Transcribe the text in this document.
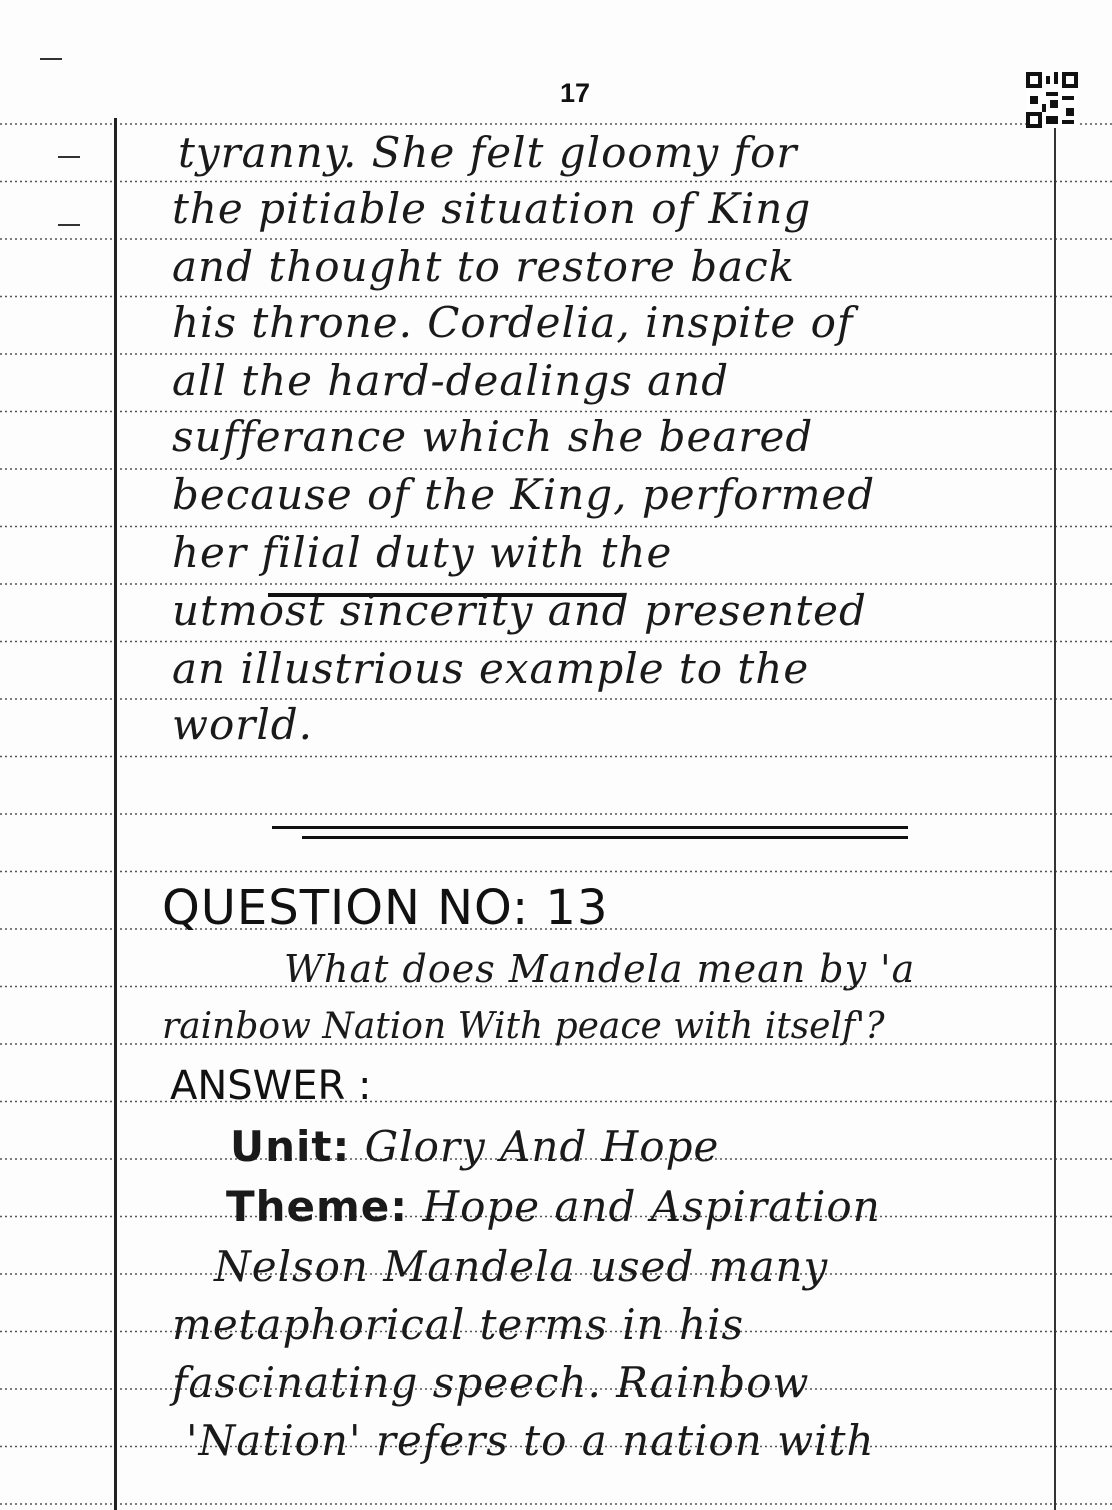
17
tyranny. She felt gloomy for
the pitiable situation of King
and thought to restore back
his throne. Cordelia, inspite of
all the hard-dealings and
sufferance which she beared
because of the King, performed
her filial duty with the
utmost sincerity and presented
an illustrious example to the
world.
QUESTION NO: 13
What does Mandela mean by 'a
rainbow Nation With peace with itself'?
ANSWER :
Unit: Glory And Hope
Theme: Hope and Aspiration
Nelson Mandela used many
metaphorical terms in his
fascinating speech. Rainbow
'Nation' refers to a nation with
